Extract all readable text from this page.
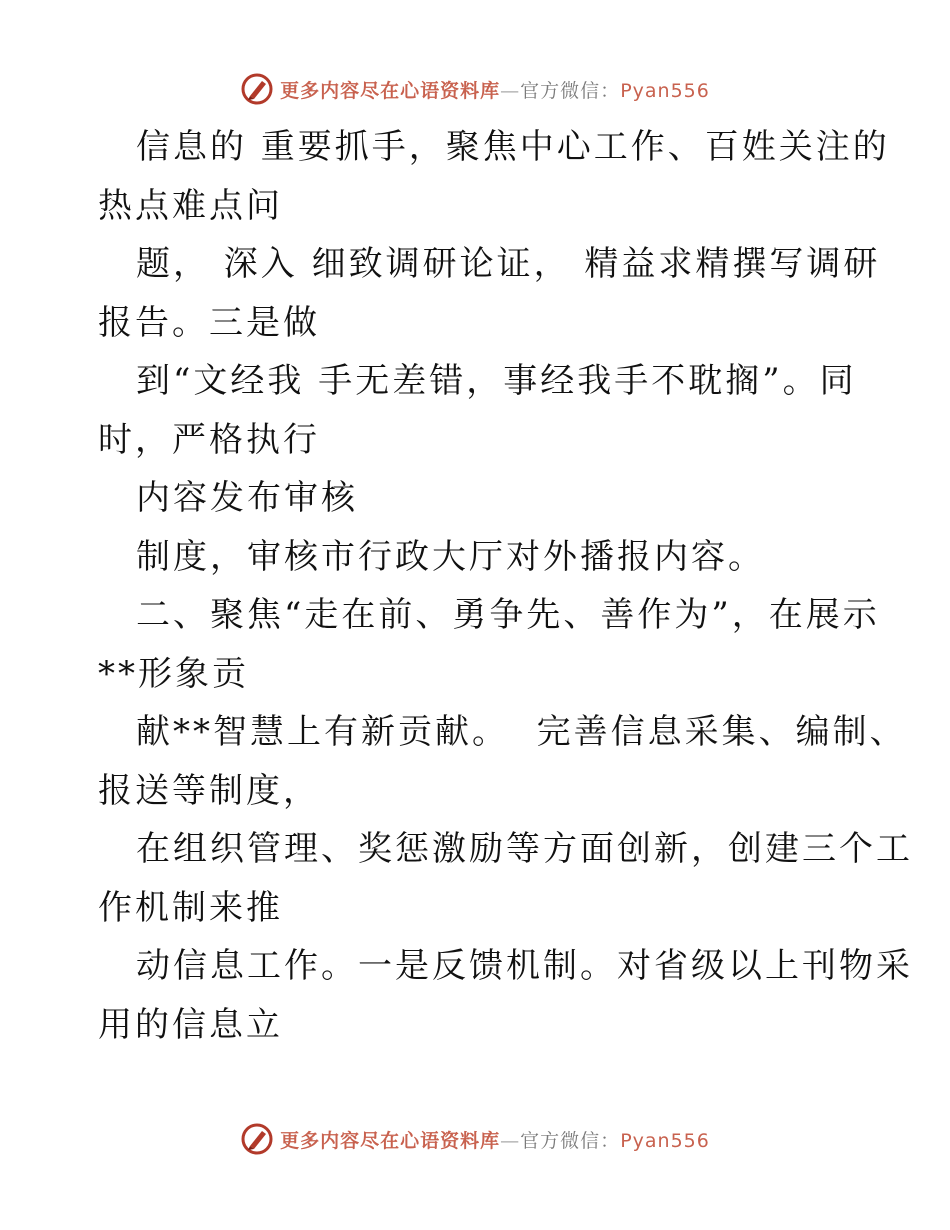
更多内容尽在心语资料库—官方微信：Pyan556
信息的 重要抓手，聚焦中心工作、百姓关注的
热点难点问
题， 深入 细致调研论证， 精益求精撰写调研
报告。三是做
到“文经我 手无差错，事经我手不耽搁”。同
时，严格执行
内容发布审核
制度，审核市行政大厅对外播报内容。
二、聚焦“走在前、勇争先、善作为”，在展示
**形象贡
献**智慧上有新贡献。  完善信息采集、编制、
报送等制度，
在组织管理、奖惩激励等方面创新，创建三个工
作机制来推
动信息工作。一是反馈机制。对省级以上刊物采
用的信息立
更多内容尽在心语资料库—官方微信：Pyan556
